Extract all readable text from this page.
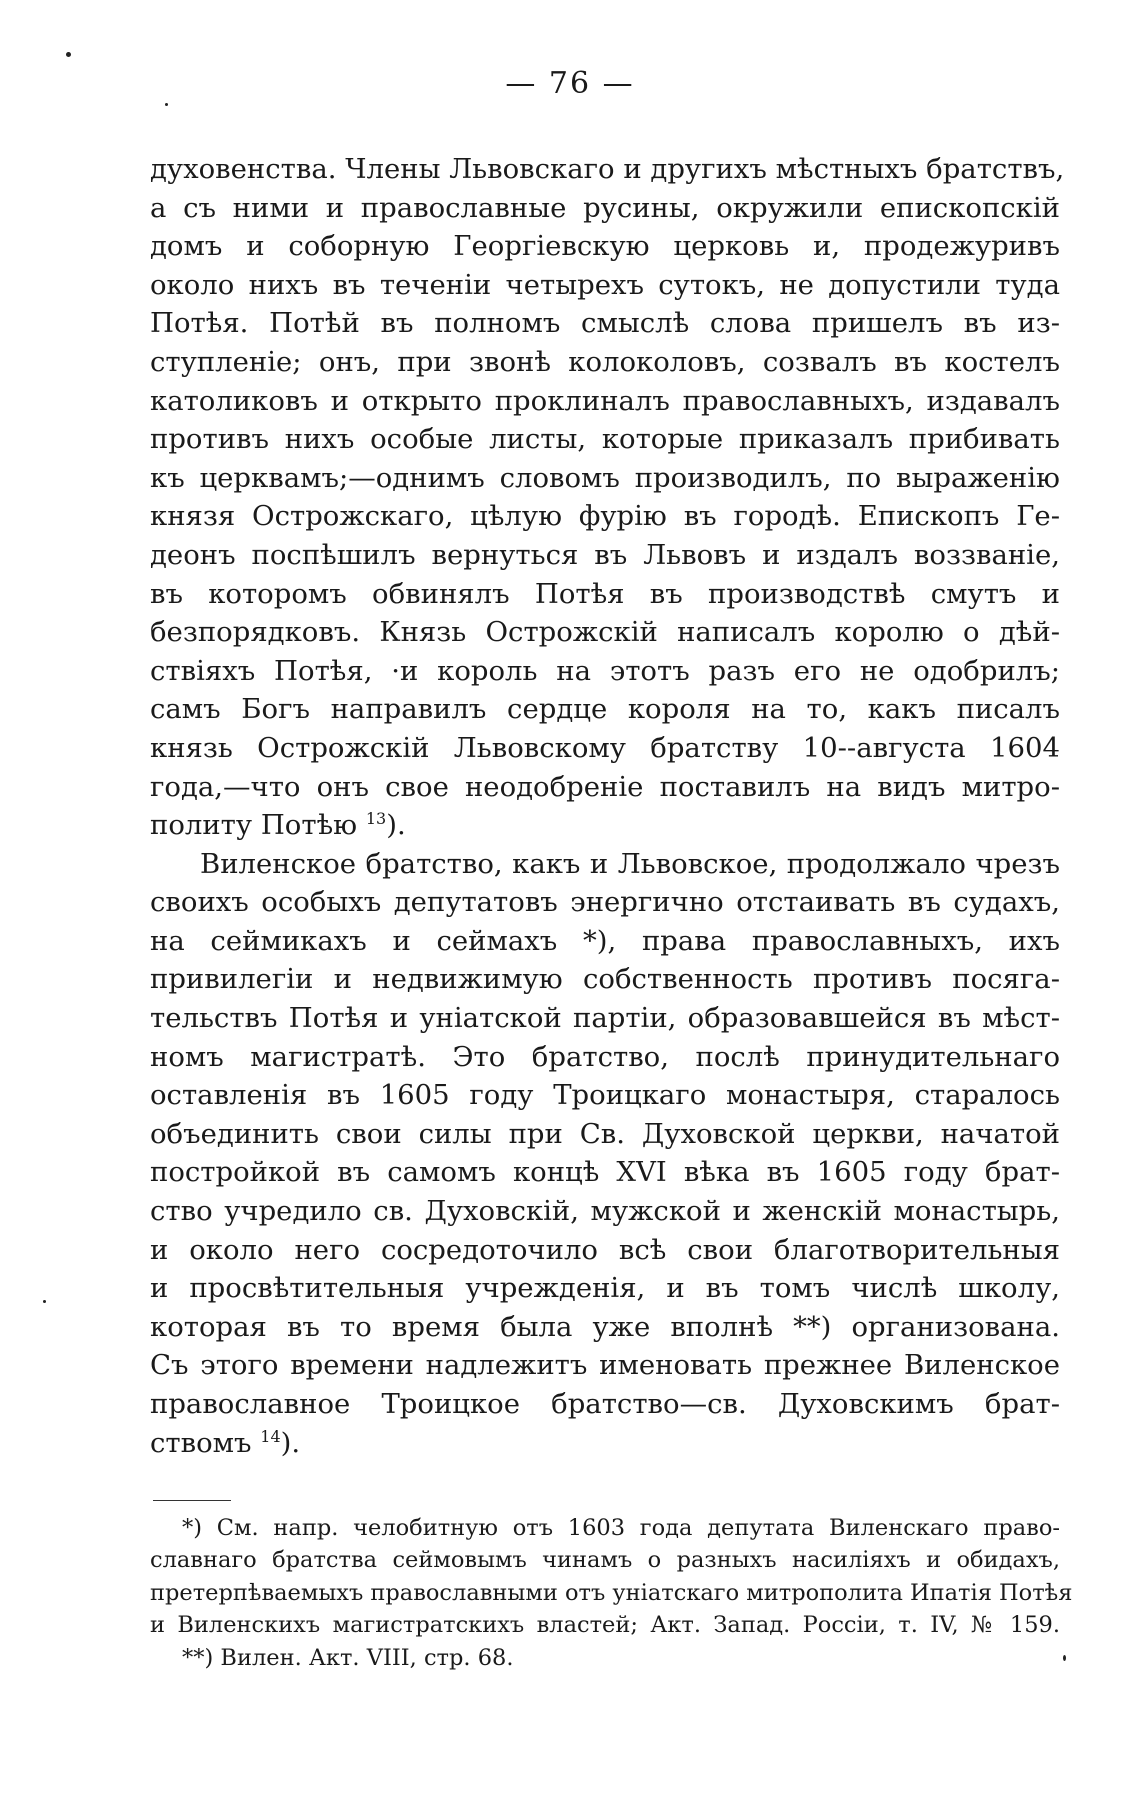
— 76 —
духовенства. Члены Львовскаго и другихъ мѣстныхъ братствъ,
а съ ними и православные русины, окружили епископскій
домъ и соборную Георгіевскую церковь и, продежуривъ
около нихъ въ теченіи четырехъ сутокъ, не допустили туда
Потѣя. Потѣй въ полномъ смыслѣ слова пришелъ въ из-
ступленіе; онъ, при звонѣ колоколовъ, созвалъ въ костелъ
католиковъ и открыто проклиналъ православныхъ, издавалъ
противъ нихъ особые листы, которые приказалъ прибивать
къ церквамъ;—однимъ словомъ производилъ, по выраженію
князя Острожскаго, цѣлую фурію въ городѣ. Епископъ Ге-
деонъ поспѣшилъ вернуться въ Львовъ и издалъ воззваніе,
въ которомъ обвинялъ Потѣя въ производствѣ смутъ и
безпорядковъ. Князь Острожскій написалъ королю о дѣй-
ствіяхъ Потѣя, ·и король на этотъ разъ его не одобрилъ;
самъ Богъ направилъ сердце короля на то, какъ писалъ
князь Острожскій Львовскому братству 10--августа 1604
года,—что онъ свое неодобреніе поставилъ на видъ митро-
политу Потѣю $^{13}$).
Виленское братство, какъ и Львовское, продолжало чрезъ
своихъ особыхъ депутатовъ энергично отстаивать въ судахъ,
на сеймикахъ и сеймахъ *), права православныхъ, ихъ
привилегіи и недвижимую собственность противъ посяга-
тельствъ Потѣя и уніатской партіи, образовавшейся въ мѣст-
номъ магистратѣ. Это братство, послѣ принудительнаго
оставленія въ 1605 году Троицкаго монастыря, старалось
объединить свои силы при Св. Духовской церкви, начатой
постройкой въ самомъ концѣ XVI вѣка въ 1605 году брат-
ство учредило св. Духовскій, мужской и женскій монастырь,
и около него сосредоточило всѣ свои благотворительныя
и просвѣтительныя учрежденія, и въ томъ числѣ школу,
которая въ то время была уже вполнѣ **) организована.
Съ этого времени надлежитъ именовать прежнее Виленское
православное Троицкое братство—св. Духовскимъ брат-
ствомъ $^{14}$).
*) См. напр. челобитную отъ 1603 года депутата Виленскаго право-
славнаго братства сеймовымъ чинамъ о разныхъ насиліяхъ и обидахъ,
претерпѣваемыхъ православными отъ уніатскаго митрополита Ипатія Потѣя
и Виленскихъ магистратскихъ властей; Акт. Запад. Россіи, т. IV, № 159.
**) Вилен. Акт. VIII, стр. 68.
